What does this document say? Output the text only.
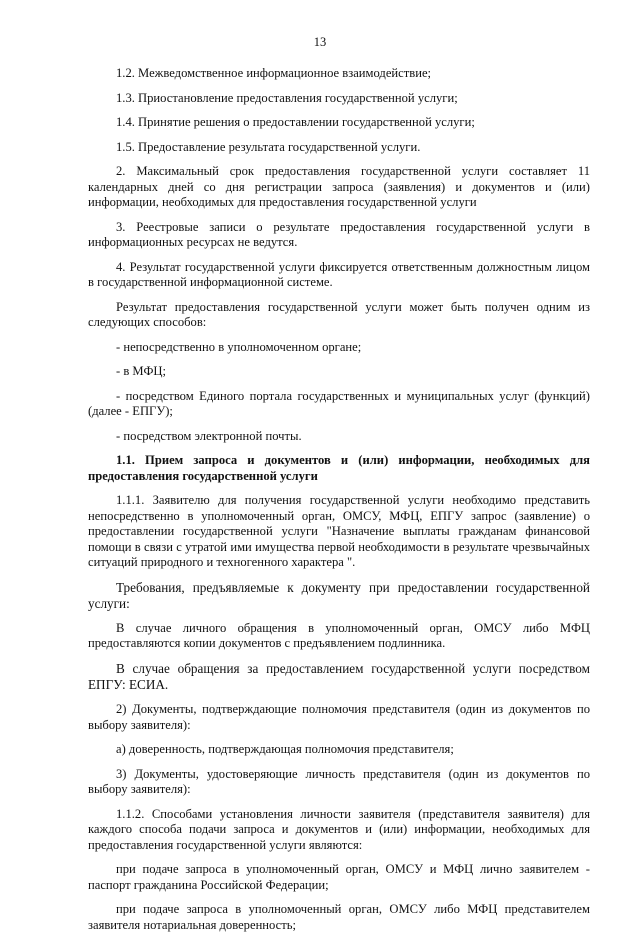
13

1.2. Межведомственное информационное взаимодействие;

1.3. Приостановление предоставления государственной услуги;

1.4. Принятие решения о предоставлении государственной услуги;

1.5. Предоставление результата государственной услуги.

2. Максимальный срок предоставления государственной услуги составляет 11 календарных дней со дня регистрации запроса (заявления) и документов и (или) информации, необходимых для предоставления государственной услуги

3. Реестровые записи о результате предоставления государственной услуги в информационных ресурсах не ведутся.

4. Результат государственной услуги фиксируется ответственным должностным лицом в государственной информационной системе.

Результат предоставления государственной услуги может быть получен одним из следующих способов:

- непосредственно в уполномоченном органе;

- в МФЦ;

- посредством Единого портала государственных и муниципальных услуг (функций) (далее - ЕПГУ);

- посредством электронной почты.

1.1. Прием запроса и документов и (или) информации, необходимых для предоставления государственной услуги

1.1.1. Заявителю для получения государственной услуги необходимо представить непосредственно в уполномоченный орган, ОМСУ, МФЦ, ЕПГУ запрос (заявление) о предоставлении государственной услуги "Назначение выплаты гражданам финансовой помощи в связи с утратой ими имущества первой необходимости в результате чрезвычайных ситуаций природного и техногенного характера ".

Требования, предъявляемые к документу при предоставлении государственной услуги:

В случае личного обращения в уполномоченный орган, ОМСУ либо МФЦ предоставляются копии документов с предъявлением подлинника.

В случае обращения за предоставлением государственной услуги посредством ЕПГУ: ЕСИА.

2) Документы, подтверждающие полномочия представителя (один из документов по выбору заявителя):

а) доверенность, подтверждающая полномочия представителя;

3) Документы, удостоверяющие личность представителя (один из документов по выбору заявителя):

1.1.2. Способами установления личности заявителя (представителя заявителя) для каждого способа подачи запроса и документов и (или) информации, необходимых для предоставления государственной услуги являются:

при подаче запроса в уполномоченный орган, ОМСУ и МФЦ лично заявителем - паспорт гражданина Российской Федерации;

при подаче запроса в уполномоченный орган, ОМСУ либо МФЦ представителем заявителя нотариальная доверенность;
